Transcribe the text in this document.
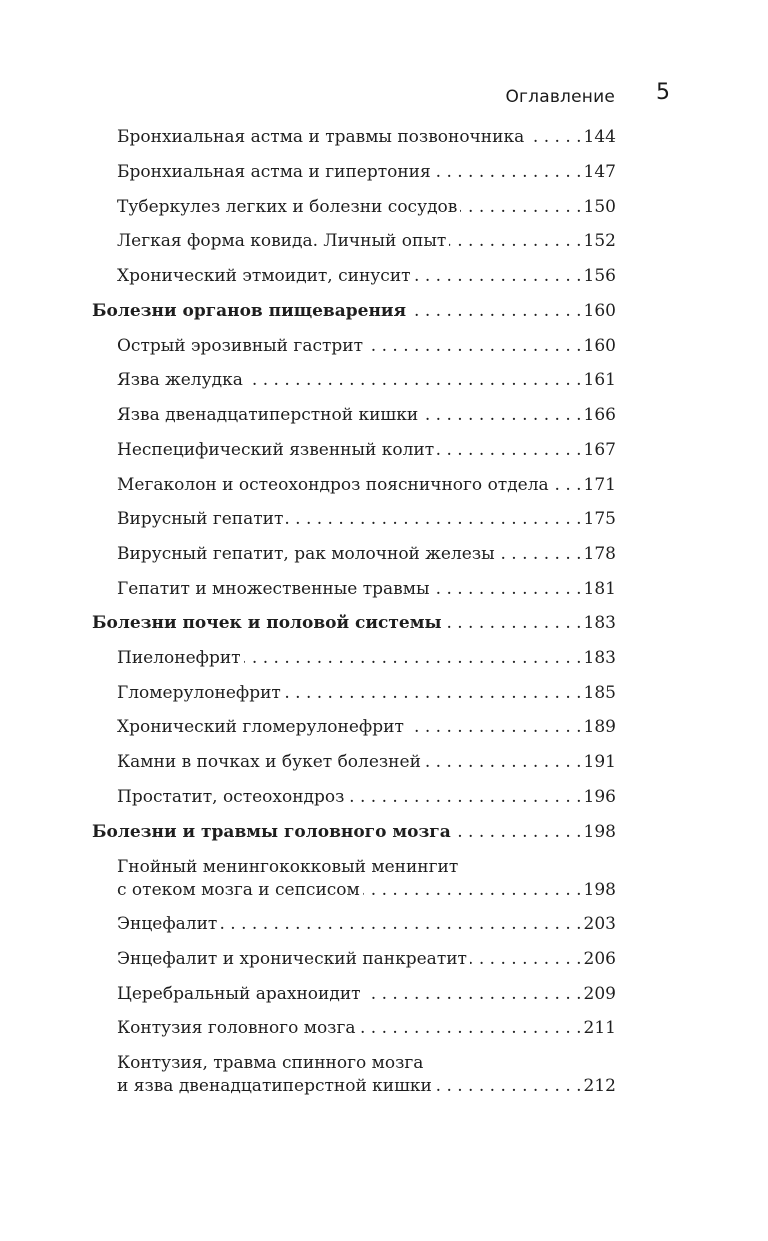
Оглавление 5
Бронхиальная астма и травмы позвоночника . . .	144
Бронхиальная астма и гипертония . . .	147
Туберкулез легких и болезни сосудов . . .	150
Легкая форма ковида. Личный опыт . . .	152
Хронический этмоидит, синусит . . .	156
Болезни органов пищеварения . . .	160
Острый эрозивный гастрит . . .	160
Язва желудка . . .	161
Язва двенадцатиперстной кишки . . .	166
Неспецифический язвенный колит . . .	167
Мегаколон и остеохондроз поясничного отдела . . . 171
Вирусный гепатит . . .	175
Вирусный гепатит, рак молочной железы . . .	178
Гепатит и множественные травмы . . .	181
Болезни почек и половой системы . . .	183
Пиелонефрит . . .	183
Гломерулонефрит . . .	185
Хронический гломерулонефрит . . .	189
Камни в почках и букет болезней . . .	191
Простатит, остеохондроз . . .	196
Болезни и травмы головного мозга . . .	198
Гнойный менингококковый менингит
с отеком мозга и сепсисом . . .	198
Энцефалит . . .	203
Энцефалит и хронический панкреатит . . .	206
Церебральный арахноидит . . .	209
Контузия головного мозга . . .	211
Контузия, травма спинного мозга
и язва двенадцатиперстной кишки . . .	212
